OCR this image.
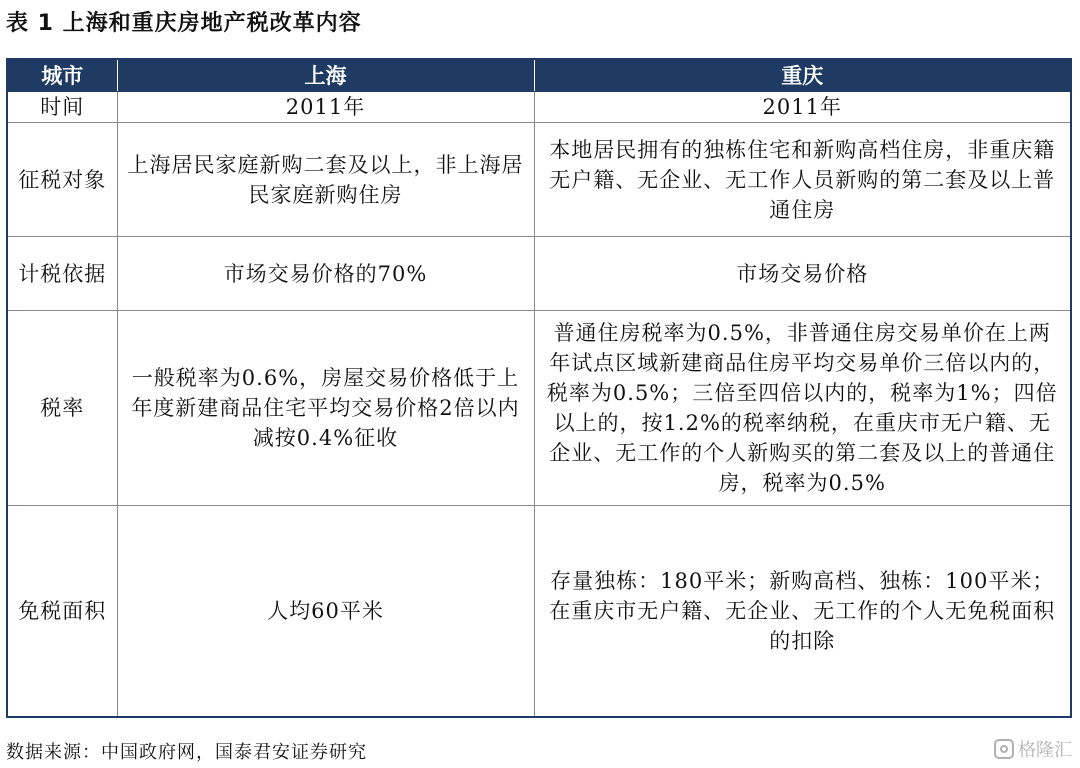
表 1 上海和重庆房地产税改革内容
城市	上海	重庆
时间	2011年	2011年
征税对象	上海居民家庭新购二套及以上，非上海居民家庭新购住房	本地居民拥有的独栋住宅和新购高档住房，非重庆籍无户籍、无企业、无工作人员新购的第二套及以上普通住房
计税依据	市场交易价格的70%	市场交易价格
税率	一般税率为0.6%，房屋交易价格低于上年度新建商品住宅平均交易价格2倍以内减按0.4%征收	普通住房税率为0.5%，非普通住房交易单价在上两年试点区域新建商品住房平均交易单价三倍以内的，税率为0.5%；三倍至四倍以内的，税率为1%；四倍以上的，按1.2%的税率纳税，在重庆市无户籍、无企业、无工作的个人新购买的第二套及以上的普通住房，税率为0.5%
免税面积	人均60平米	存量独栋：180平米；新购高档、独栋：100平米；在重庆市无户籍、无企业、无工作的个人无免税面积的扣除
数据来源：中国政府网，国泰君安证券研究	格隆汇
